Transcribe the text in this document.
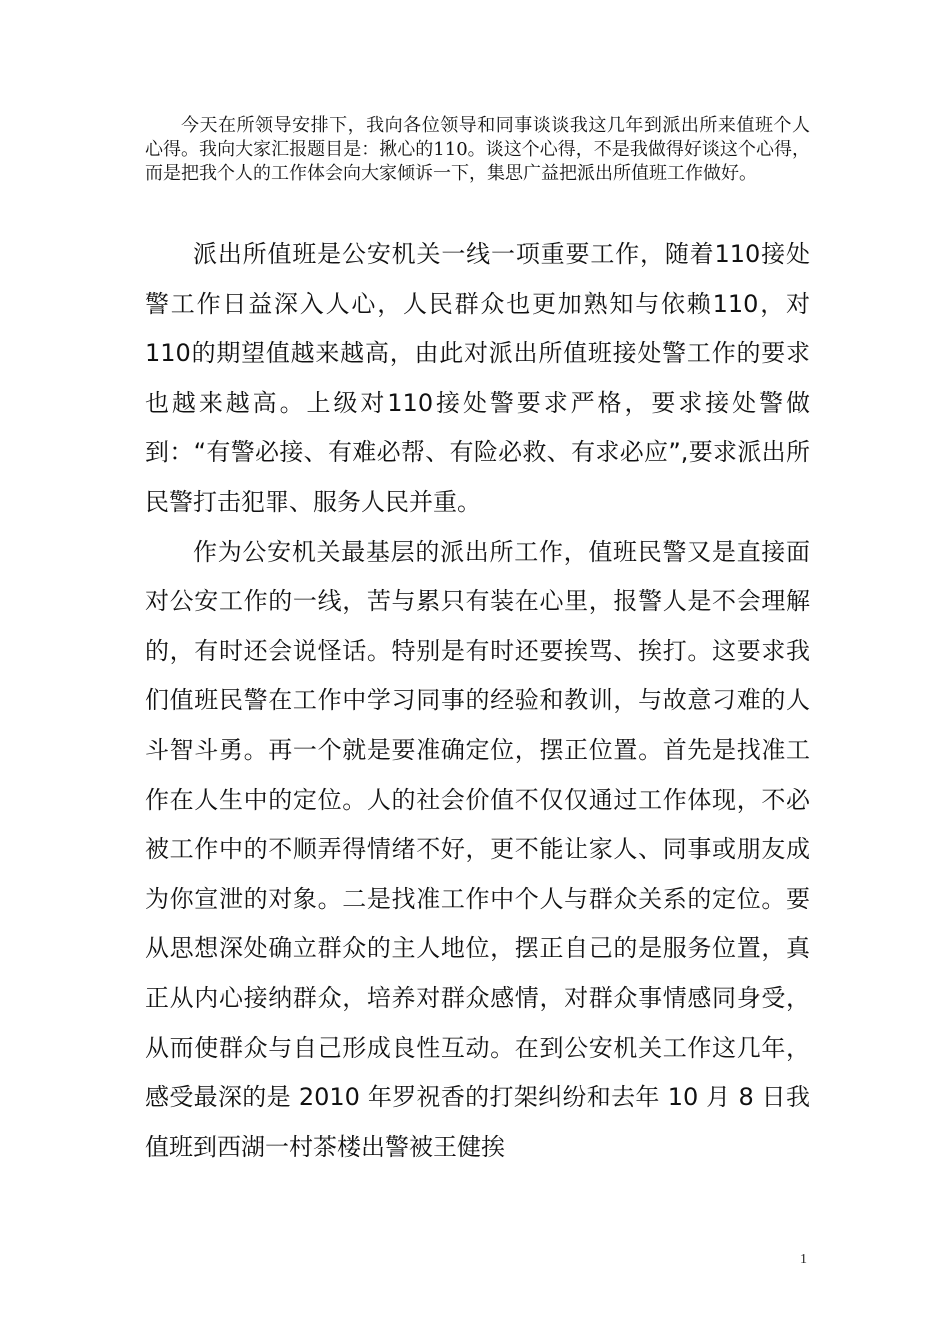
今天在所领导安排下，我向各位领导和同事谈谈我这几年到派出所来值班个人心得。我向大家汇报题目是：揪心的110。谈这个心得，不是我做得好谈这个心得，而是把我个人的工作体会向大家倾诉一下，集思广益把派出所值班工作做好。

派出所值班是公安机关一线一项重要工作，随着110接处警工作日益深入人心，人民群众也更加熟知与依赖110，对110的期望值越来越高，由此对派出所值班接处警工作的要求也越来越高。上级对110接处警要求严格，要求接处警做到：“有警必接、有难必帮、有险必救、有求必应”,要求派出所民警打击犯罪、服务人民并重。

作为公安机关最基层的派出所工作，值班民警又是直接面对公安工作的一线，苦与累只有装在心里，报警人是不会理解的，有时还会说怪话。特别是有时还要挨骂、挨打。这要求我们值班民警在工作中学习同事的经验和教训，与故意刁难的人斗智斗勇。再一个就是要准确定位，摆正位置。首先是找准工作在人生中的定位。人的社会价值不仅仅通过工作体现，不必被工作中的不顺弄得情绪不好，更不能让家人、同事或朋友成为你宣泄的对象。二是找准工作中个人与群众关系的定位。要从思想深处确立群众的主人地位，摆正自己的是服务位置，真正从内心接纳群众，培养对群众感情，对群众事情感同身受，从而使群众与自己形成良性互动。在到公安机关工作这几年，感受最深的是 2010 年罗祝香的打架纠纷和去年 10 月 8 日我值班到西湖一村茶楼出警被王健挨

1
